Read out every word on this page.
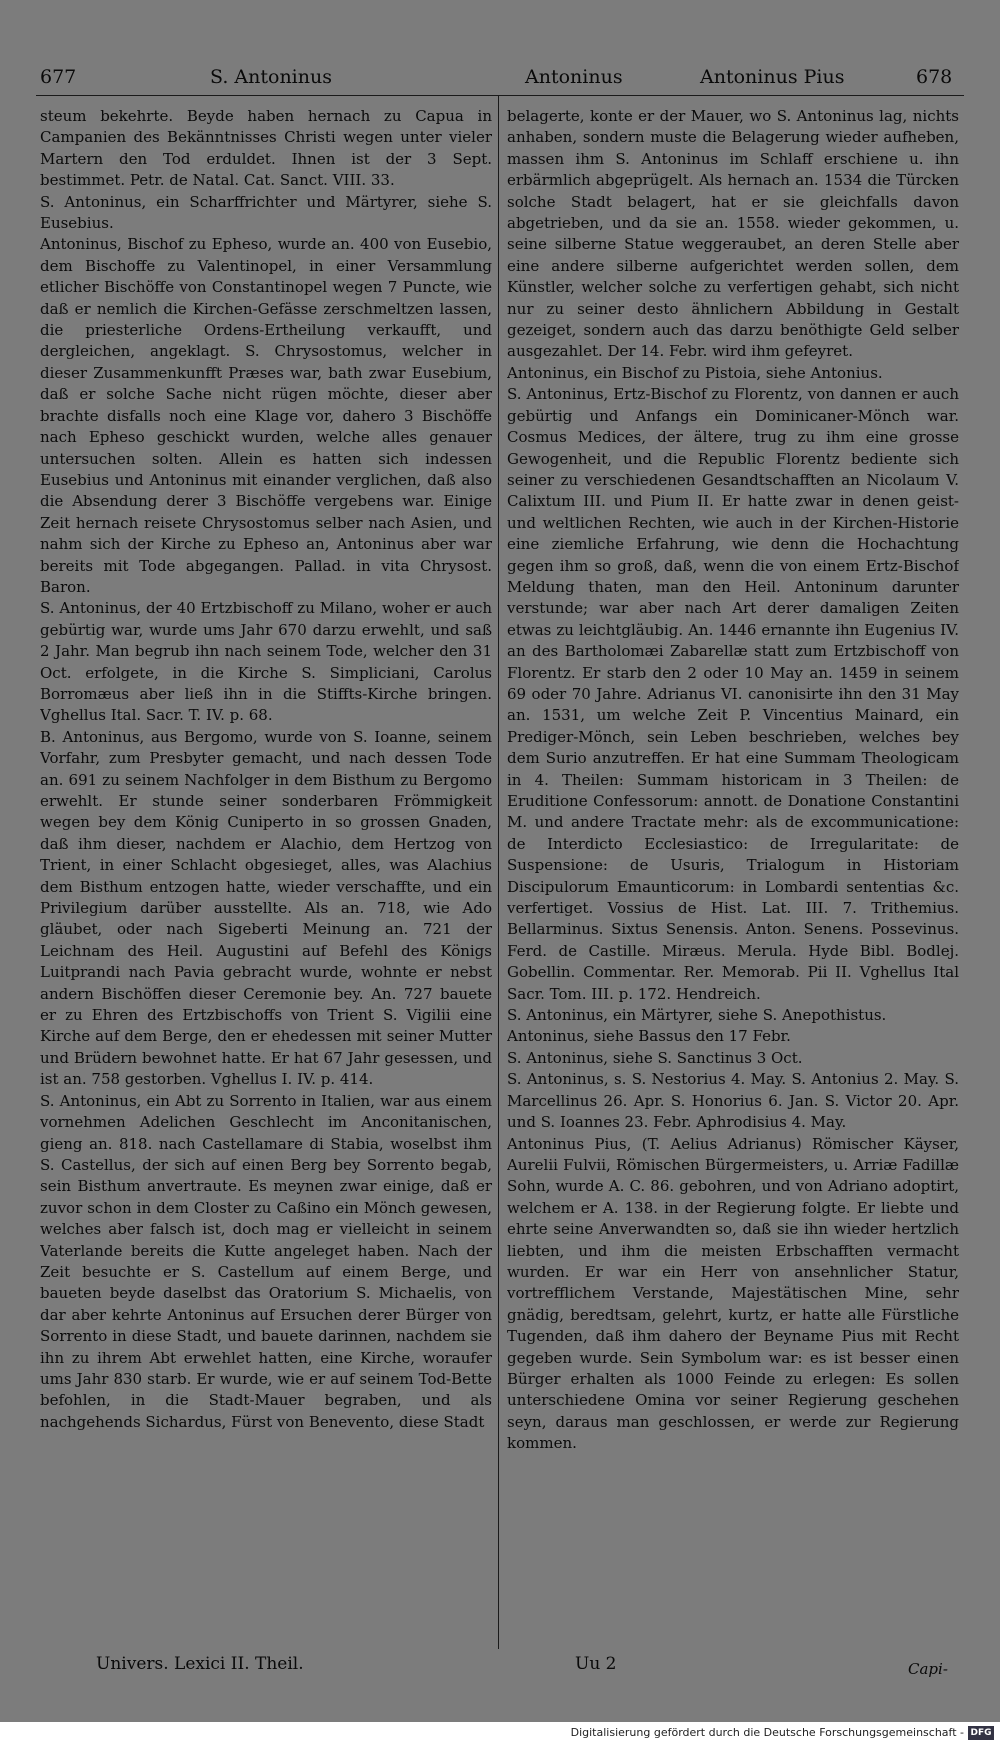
677	S. Antoninus	Antoninus	Antoninus Pius	678

steum bekehrte. Beyde haben hernach zu Capua in Campanien des Bekänntnisses Christi wegen unter vieler Martern den Tod erduldet. Ihnen ist der 3 Sept. bestimmet. Petr. de Natal. Cat. Sanct. VIII. 33.

S. Antoninus, ein Scharffrichter und Märtyrer, siehe S. Eusebius.

Antoninus, Bischof zu Epheso, wurde an. 400 von Eusebio, dem Bischoffe zu Valentinopel, in einer Versammlung etlicher Bischöffe von Constantinopel wegen 7 Puncte, wie daß er nemlich die Kirchen-Gefässe zerschmeltzen lassen, die priesterliche Ordens-Ertheilung verkaufft, und dergleichen, angeklagt. S. Chrysostomus, welcher in dieser Zusammenkunfft Præses war, bath zwar Eusebium, daß er solche Sache nicht rügen möchte, dieser aber brachte disfalls noch eine Klage vor, dahero 3 Bischöffe nach Epheso geschickt wurden, welche alles genauer untersuchen solten. Allein es hatten sich indessen Eusebius und Antoninus mit einander verglichen, daß also die Absendung derer 3 Bischöffe vergebens war. Einige Zeit hernach reisete Chrysostomus selber nach Asien, und nahm sich der Kirche zu Epheso an, Antoninus aber war bereits mit Tode abgegangen. Pallad. in vita Chrysost. Baron.

S. Antoninus, der 40 Ertzbischoff zu Milano, woher er auch gebürtig war, wurde ums Jahr 670 darzu erwehlt, und saß 2 Jahr. Man begrub ihn nach seinem Tode, welcher den 31 Oct. erfolgete, in die Kirche S. Simpliciani, Carolus Borromæus aber ließ ihn in die Stiffts-Kirche bringen. Vghellus Ital. Sacr. T. IV. p. 68.

B. Antoninus, aus Bergomo, wurde von S. Ioanne, seinem Vorfahr, zum Presbyter gemacht, und nach dessen Tode an. 691 zu seinem Nachfolger in dem Bisthum zu Bergomo erwehlt. Er stunde seiner sonderbaren Frömmigkeit wegen bey dem König Cuniperto in so grossen Gnaden, daß ihm dieser, nachdem er Alachio, dem Hertzog von Trient, in einer Schlacht obgesieget, alles, was Alachius dem Bisthum entzogen hatte, wieder verschaffte, und ein Privilegium darüber ausstellte. Als an. 718, wie Ado gläubet, oder nach Sigeberti Meinung an. 721 der Leichnam des Heil. Augustini auf Befehl des Königs Luitprandi nach Pavia gebracht wurde, wohnte er nebst andern Bischöffen dieser Ceremonie bey. An. 727 bauete er zu Ehren des Ertzbischoffs von Trient S. Vigilii eine Kirche auf dem Berge, den er ehedessen mit seiner Mutter und Brüdern bewohnet hatte. Er hat 67 Jahr gesessen, und ist an. 758 gestorben. Vghellus I. IV. p. 414.

S. Antoninus, ein Abt zu Sorrento in Italien, war aus einem vornehmen Adelichen Geschlecht im Anconitanischen, gieng an. 818. nach Castellamare di Stabia, woselbst ihm S. Castellus, der sich auf einen Berg bey Sorrento begab, sein Bisthum anvertraute. Es meynen zwar einige, daß er zuvor schon in dem Closter zu Caßino ein Mönch gewesen, welches aber falsch ist, doch mag er vielleicht in seinem Vaterlande bereits die Kutte angeleget haben. Nach der Zeit besuchte er S. Castellum auf einem Berge, und baueten beyde daselbst das Oratorium S. Michaelis, von dar aber kehrte Antoninus auf Ersuchen derer Bürger von Sorrento in diese Stadt, und bauete darinnen, nachdem sie ihn zu ihrem Abt erwehlet hatten, eine Kirche, woraufer ums Jahr 830 starb. Er wurde, wie er auf seinem Tod-Bette befohlen, in die Stadt-Mauer begraben, und als nachgehends Sichardus, Fürst von Benevento, diese Stadt

belagerte, konte er der Mauer, wo S. Antoninus lag, nichts anhaben, sondern muste die Belagerung wieder aufheben, massen ihm S. Antoninus im Schlaff erschiene u. ihn erbärmlich abgeprügelt. Als hernach an. 1534 die Türcken solche Stadt belagert, hat er sie gleichfalls davon abgetrieben, und da sie an. 1558. wieder gekommen, u. seine silberne Statue weggeraubet, an deren Stelle aber eine andere silberne aufgerichtet werden sollen, dem Künstler, welcher solche zu verfertigen gehabt, sich nicht nur zu seiner desto ähnlichern Abbildung in Gestalt gezeiget, sondern auch das darzu benöthigte Geld selber ausgezahlet. Der 14. Febr. wird ihm gefeyret.

Antoninus, ein Bischof zu Pistoia, siehe Antonius.

S. Antoninus, Ertz-Bischof zu Florentz, von dannen er auch gebürtig und Anfangs ein Dominicaner-Mönch war. Cosmus Medices, der ältere, trug zu ihm eine grosse Gewogenheit, und die Republic Florentz bediente sich seiner zu verschiedenen Gesandtschafften an Nicolaum V. Calixtum III. und Pium II. Er hatte zwar in denen geist- und weltlichen Rechten, wie auch in der Kirchen-Historie eine ziemliche Erfahrung, wie denn die Hochachtung gegen ihm so groß, daß, wenn die von einem Ertz-Bischof Meldung thaten, man den Heil. Antoninum darunter verstunde; war aber nach Art derer damaligen Zeiten etwas zu leichtgläubig. An. 1446 ernannte ihn Eugenius IV. an des Bartholomæi Zabarellæ statt zum Ertzbischoff von Florentz. Er starb den 2 oder 10 May an. 1459 in seinem 69 oder 70 Jahre. Adrianus VI. canonisirte ihn den 31 May an. 1531, um welche Zeit P. Vincentius Mainard, ein Prediger-Mönch, sein Leben beschrieben, welches bey dem Surio anzutreffen. Er hat eine Summam Theologicam in 4. Theilen: Summam historicam in 3 Theilen: de Eruditione Confessorum: annott. de Donatione Constantini M. und andere Tractate mehr: als de excommunicatione: de Interdicto Ecclesiastico: de Irregularitate: de Suspensione: de Usuris, Trialogum in Historiam Discipulorum Emaunticorum: in Lombardi sententias &c. verfertiget. Vossius de Hist. Lat. III. 7. Trithemius. Bellarminus. Sixtus Senensis. Anton. Senens. Possevinus. Ferd. de Castille. Miræus. Merula. Hyde Bibl. Bodlej. Gobellin. Commentar. Rer. Memorab. Pii II. Vghellus Ital Sacr. Tom. III. p. 172. Hendreich.

S. Antoninus, ein Märtyrer, siehe S. Anepothistus.

Antoninus, siehe Bassus den 17 Febr.

S. Antoninus, siehe S. Sanctinus 3 Oct.

S. Antoninus, s. S. Nestorius 4. May. S. Antonius 2. May. S. Marcellinus 26. Apr. S. Honorius 6. Jan. S. Victor 20. Apr. und S. Ioannes 23. Febr. Aphrodisius 4. May.

Antoninus Pius, (T. Aelius Adrianus) Römischer Käyser, Aurelii Fulvii, Römischen Bürgermeisters, u. Arriæ Fadillæ Sohn, wurde A. C. 86. gebohren, und von Adriano adoptirt, welchem er A. 138. in der Regierung folgte. Er liebte und ehrte seine Anverwandten so, daß sie ihn wieder hertzlich liebten, und ihm die meisten Erbschafften vermacht wurden. Er war ein Herr von ansehnlicher Statur, vortrefflichem Verstande, Majestätischen Mine, sehr gnädig, beredtsam, gelehrt, kurtz, er hatte alle Fürstliche Tugenden, daß ihm dahero der Beyname Pius mit Recht gegeben wurde. Sein Symbolum war: es ist besser einen Bürger erhalten als 1000 Feinde zu erlegen: Es sollen unterschiedene Omina vor seiner Regierung geschehen seyn, daraus man geschlossen, er werde zur Regierung kommen.

Univers. Lexici II. Theil.	Uu 2	Capi-
Digitalisierung gefördert durch die Deutsche Forschungsgemeinschaft - DFG
